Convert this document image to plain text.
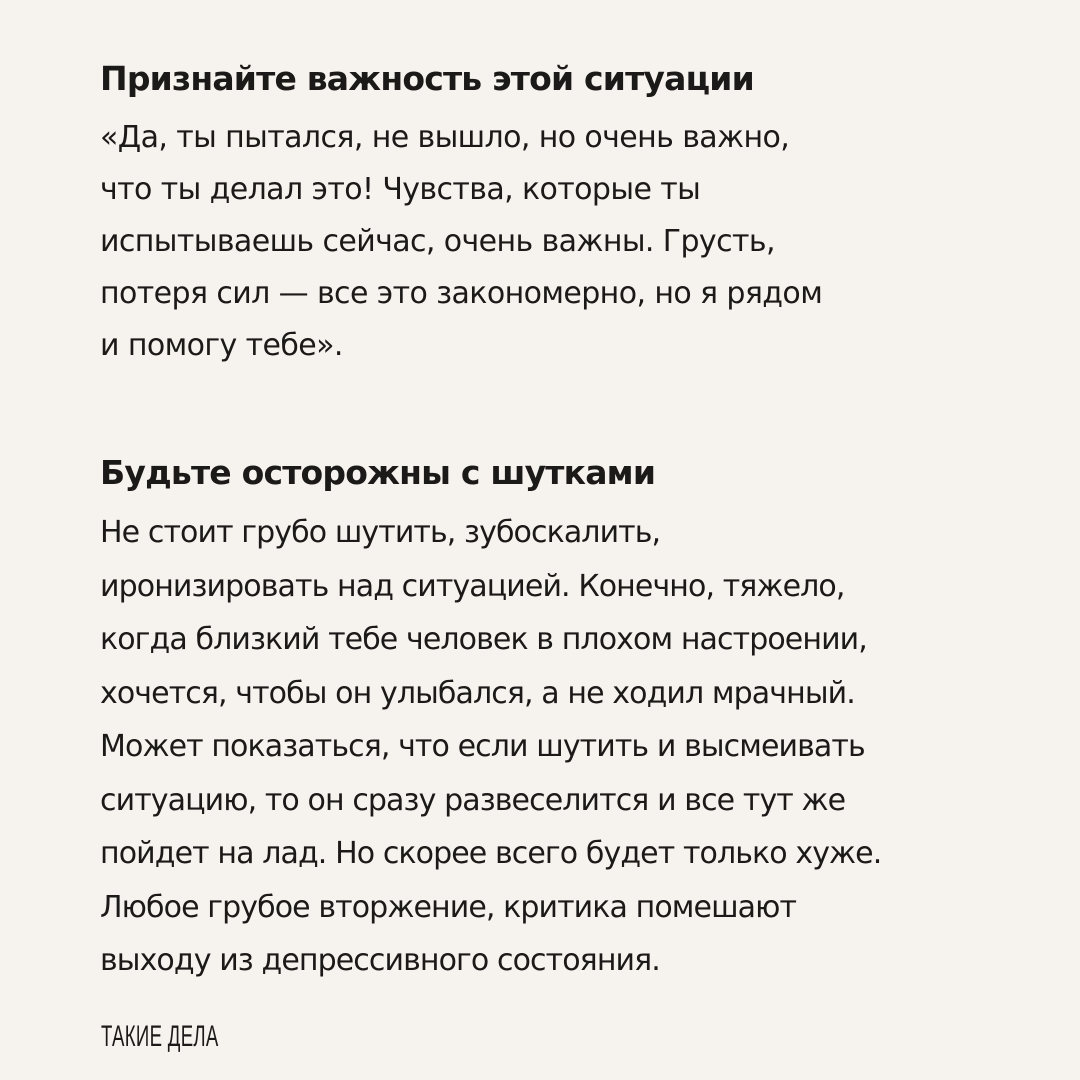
Признайте важность этой ситуации

«Да, ты пытался, не вышло, но очень важно,
что ты делал это! Чувства, которые ты
испытываешь сейчас, очень важны. Грусть,
потеря сил — все это закономерно, но я рядом
и помогу тебе».

Будьте осторожны с шутками

Не стоит грубо шутить, зубоскалить,
иронизировать над ситуацией. Конечно, тяжело,
когда близкий тебе человек в плохом настроении,
хочется, чтобы он улыбался, а не ходил мрачный.
Может показаться, что если шутить и высмеивать
ситуацию, то он сразу развеселится и все тут же
пойдет на лад. Но скорее всего будет только хуже.
Любое грубое вторжение, критика помешают
выходу из депрессивного состояния.

ТАКИЕ ДЕЛА
